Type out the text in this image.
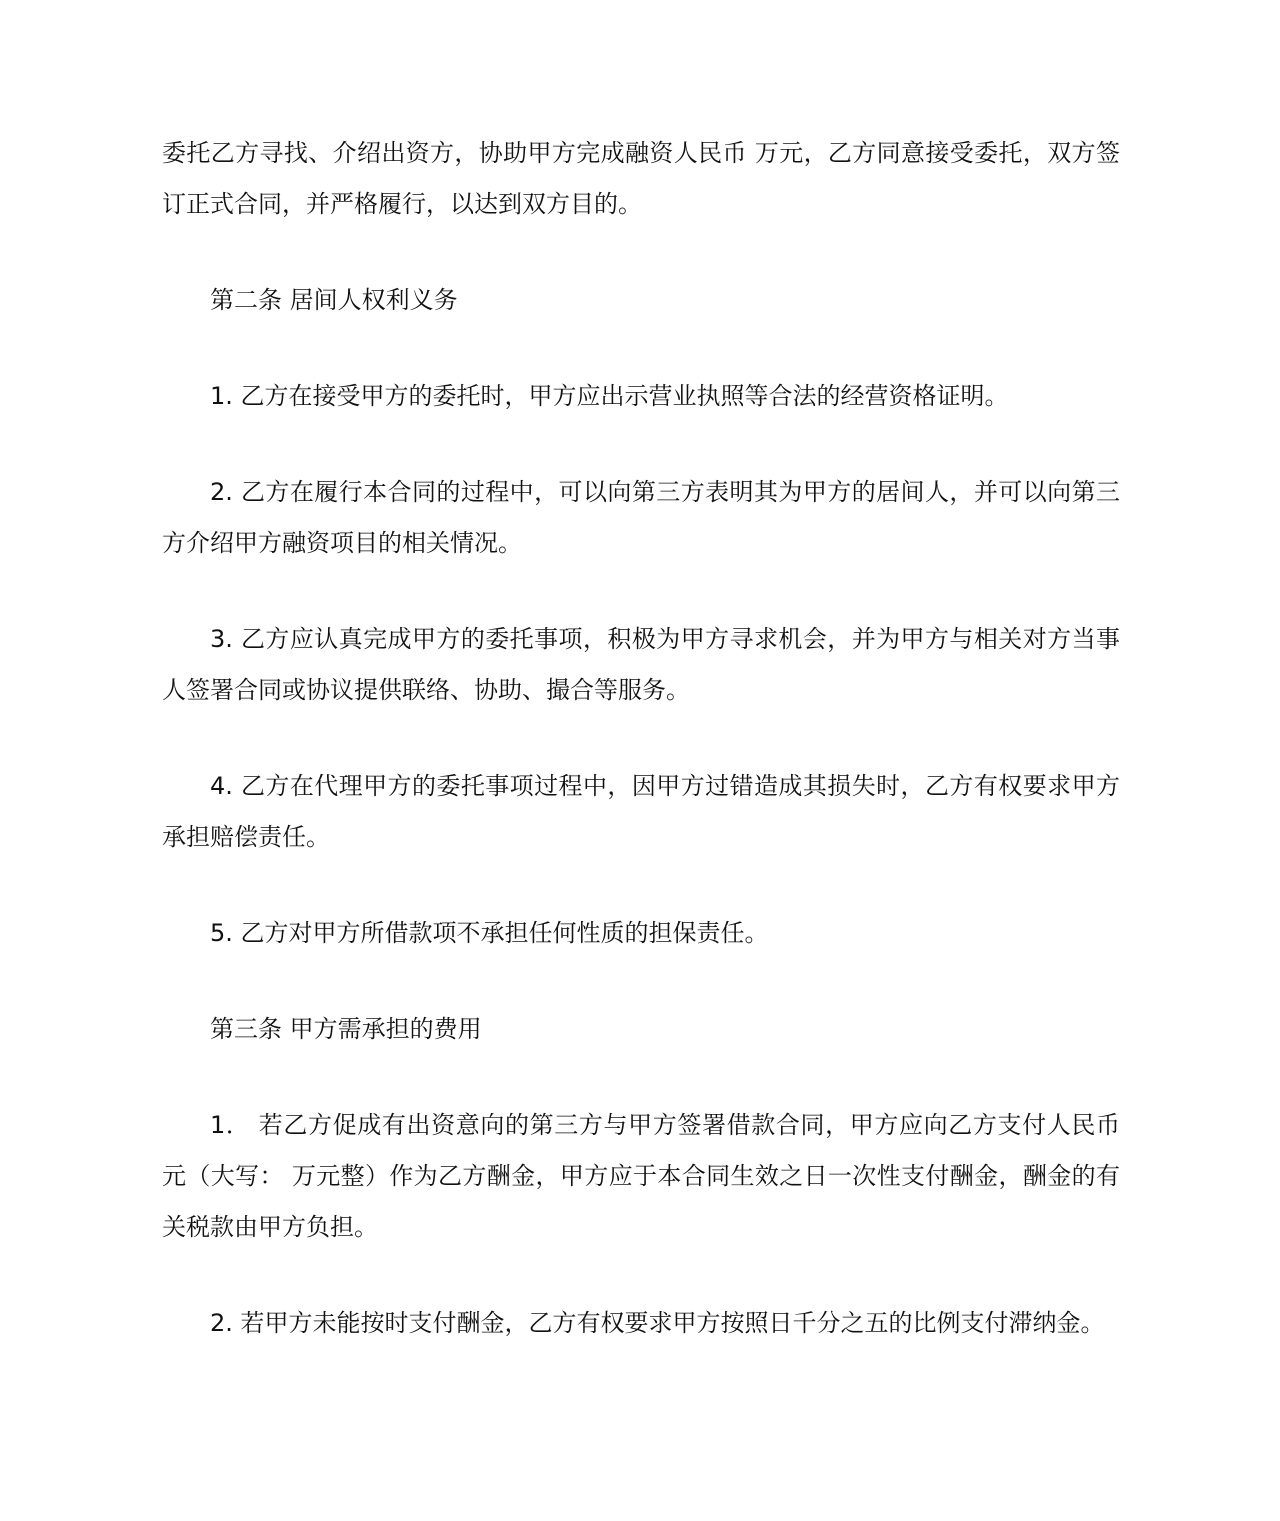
委托乙方寻找、介绍出资方，协助甲方完成融资人民币 万元，乙方同意接受委托，双方签订正式合同，并严格履行，以达到双方目的。

第二条 居间人权利义务

1. 乙方在接受甲方的委托时，甲方应出示营业执照等合法的经营资格证明。

2. 乙方在履行本合同的过程中，可以向第三方表明其为甲方的居间人，并可以向第三方介绍甲方融资项目的相关情况。

3. 乙方应认真完成甲方的委托事项，积极为甲方寻求机会，并为甲方与相关对方当事人签署合同或协议提供联络、协助、撮合等服务。

4. 乙方在代理甲方的委托事项过程中，因甲方过错造成其损失时，乙方有权要求甲方承担赔偿责任。

5. 乙方对甲方所借款项不承担任何性质的担保责任。

第三条 甲方需承担的费用

1． 若乙方促成有出资意向的第三方与甲方签署借款合同，甲方应向乙方支付人民币 元（大写： 万元整）作为乙方酬金，甲方应于本合同生效之日一次性支付酬金，酬金的有关税款由甲方负担。

2. 若甲方未能按时支付酬金，乙方有权要求甲方按照日千分之五的比例支付滞纳金。
